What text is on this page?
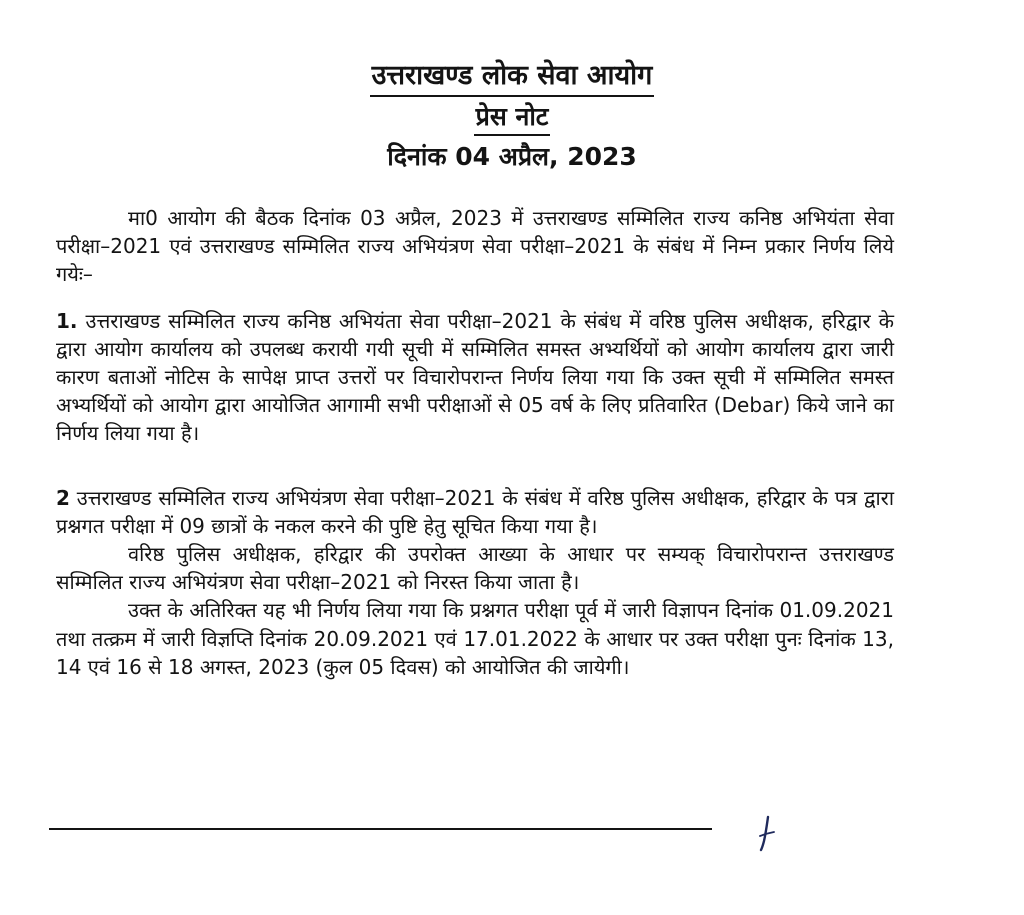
उत्तराखण्ड लोक सेवा आयोग
प्रेस नोट
दिनांक 04 अप्रैल, 2023

मा0 आयोग की बैठक दिनांक 03 अप्रैल, 2023 में उत्तराखण्ड सम्मिलित राज्य कनिष्ठ अभियंता सेवा परीक्षा–2021 एवं उत्तराखण्ड सम्मिलित राज्य अभियंत्रण सेवा परीक्षा–2021 के संबंध में निम्न प्रकार निर्णय लिये गयेः–

1. उत्तराखण्ड सम्मिलित राज्य कनिष्ठ अभियंता सेवा परीक्षा–2021 के संबंध में वरिष्ठ पुलिस अधीक्षक, हरिद्वार के द्वारा आयोग कार्यालय को उपलब्ध करायी गयी सूची में सम्मिलित समस्त अभ्यर्थियों को आयोग कार्यालय द्वारा जारी कारण बताओं नोटिस के सापेक्ष प्राप्त उत्तरों पर विचारोपरान्त निर्णय लिया गया कि उक्त सूची में सम्मिलित समस्त अभ्यर्थियों को आयोग द्वारा आयोजित आगामी सभी परीक्षाओं से 05 वर्ष के लिए प्रतिवारित (Debar) किये जाने का निर्णय लिया गया है।

2 उत्तराखण्ड सम्मिलित राज्य अभियंत्रण सेवा परीक्षा–2021 के संबंध में वरिष्ठ पुलिस अधीक्षक, हरिद्वार के पत्र द्वारा प्रश्नगत परीक्षा में 09 छात्रों के नकल करने की पुष्टि हेतु सूचित किया गया है।

वरिष्ठ पुलिस अधीक्षक, हरिद्वार की उपरोक्त आख्या के आधार पर सम्यक् विचारोपरान्त उत्तराखण्ड सम्मिलित राज्य अभियंत्रण सेवा परीक्षा–2021 को निरस्त किया जाता है।

उक्त के अतिरिक्त यह भी निर्णय लिया गया कि प्रश्नगत परीक्षा पूर्व में जारी विज्ञापन दिनांक 01.09.2021 तथा तत्क्रम में जारी विज्ञप्ति दिनांक 20.09.2021 एवं 17.01.2022 के आधार पर उक्त परीक्षा पुनः दिनांक 13, 14 एवं 16 से 18 अगस्त, 2023 (कुल 05 दिवस) को आयोजित की जायेगी।
